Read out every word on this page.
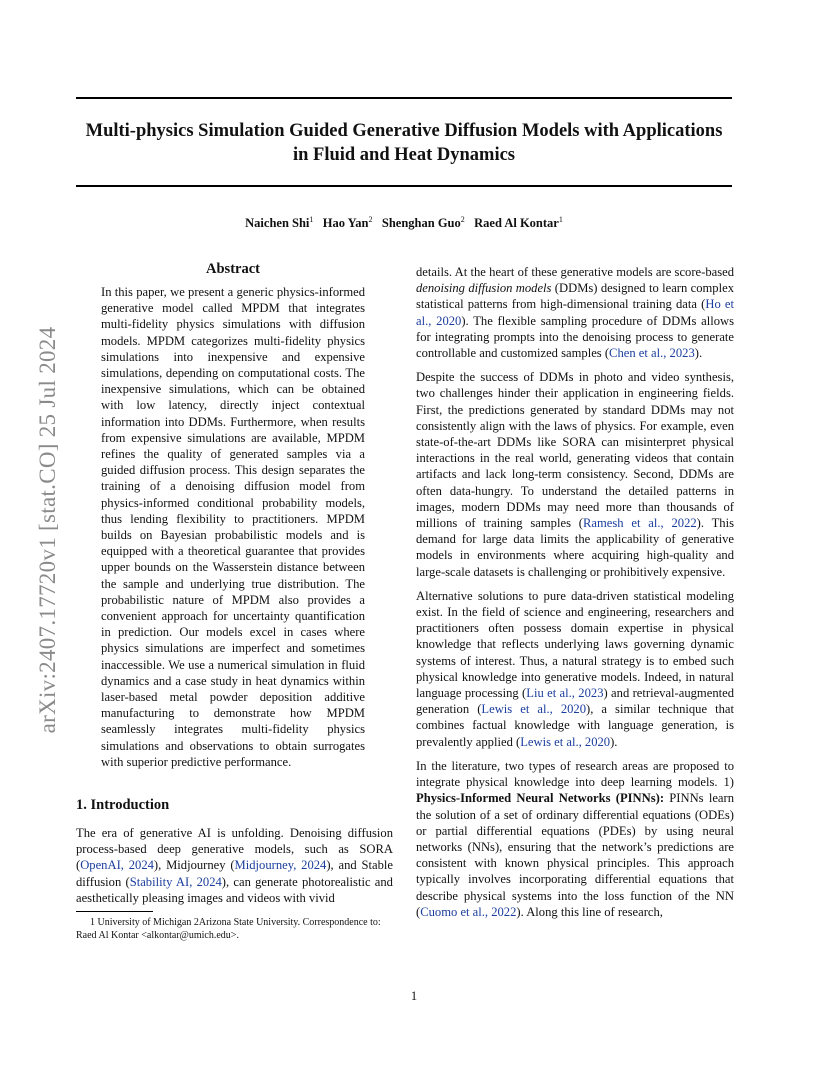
arXiv:2407.17720v1 [stat.CO] 25 Jul 2024
Multi-physics Simulation Guided Generative Diffusion Models with Applications
in Fluid and Heat Dynamics
Naichen Shi$^1$ Hao Yan$^2$ Shenghan Guo$^2$ Raed Al Kontar$^1$
Abstract

In this paper, we present a generic physics-informed generative model called MPDM that integrates multi-fidelity physics simulations with diffusion models. MPDM categorizes multi-fidelity physics simulations into inexpensive and expensive simulations, depending on computational costs. The inexpensive simulations, which can be obtained with low latency, directly inject contextual information into DDMs. Furthermore, when results from expensive simulations are available, MPDM refines the quality of generated samples via a guided diffusion process. This design separates the training of a denoising diffusion model from physics-informed conditional probability models, thus lending flexibility to practitioners. MPDM builds on Bayesian probabilistic models and is equipped with a theoretical guarantee that provides upper bounds on the Wasserstein distance between the sample and underlying true distribution. The probabilistic nature of MPDM also provides a convenient approach for uncertainty quantification in prediction. Our models excel in cases where physics simulations are imperfect and sometimes inaccessible. We use a numerical simulation in fluid dynamics and a case study in heat dynamics within laser-based metal powder deposition additive manufacturing to demonstrate how MPDM seamlessly integrates multi-fidelity physics simulations and observations to obtain surrogates with superior predictive performance.

1. Introduction

The era of generative AI is unfolding. Denoising diffusion process-based deep generative models, such as SORA (OpenAI, 2024), Midjourney (Midjourney, 2024), and Stable diffusion (Stability AI, 2024), can generate photorealistic and aesthetically pleasing images and videos with vivid

1 University of Michigan 2Arizona State University. Correspondence to: Raed Al Kontar <alkontar@umich.edu>.

details. At the heart of these generative models are score-based denoising diffusion models (DDMs) designed to learn complex statistical patterns from high-dimensional training data (Ho et al., 2020). The flexible sampling procedure of DDMs allows for integrating prompts into the denoising process to generate controllable and customized samples (Chen et al., 2023).

Despite the success of DDMs in photo and video synthesis, two challenges hinder their application in engineering fields. First, the predictions generated by standard DDMs may not consistently align with the laws of physics. For example, even state-of-the-art DDMs like SORA can misinterpret physical interactions in the real world, generating videos that contain artifacts and lack long-term consistency. Second, DDMs are often data-hungry. To understand the detailed patterns in images, modern DDMs may need more than thousands of millions of training samples (Ramesh et al., 2022). This demand for large data limits the applicability of generative models in environments where acquiring high-quality and large-scale datasets is challenging or prohibitively expensive.

Alternative solutions to pure data-driven statistical modeling exist. In the field of science and engineering, researchers and practitioners often possess domain expertise in physical knowledge that reflects underlying laws governing dynamic systems of interest. Thus, a natural strategy is to embed such physical knowledge into generative models. Indeed, in natural language processing (Liu et al., 2023) and retrieval-augmented generation (Lewis et al., 2020), a similar technique that combines factual knowledge with language generation, is prevalently applied (Lewis et al., 2020).

In the literature, two types of research areas are proposed to integrate physical knowledge into deep learning models. 1) Physics-Informed Neural Networks (PINNs): PINNs learn the solution of a set of ordinary differential equations (ODEs) or partial differential equations (PDEs) by using neural networks (NNs), ensuring that the network’s predictions are consistent with known physical principles. This approach typically involves incorporating differential equations that describe physical systems into the loss function of the NN (Cuomo et al., 2022). Along this line of research,

1
